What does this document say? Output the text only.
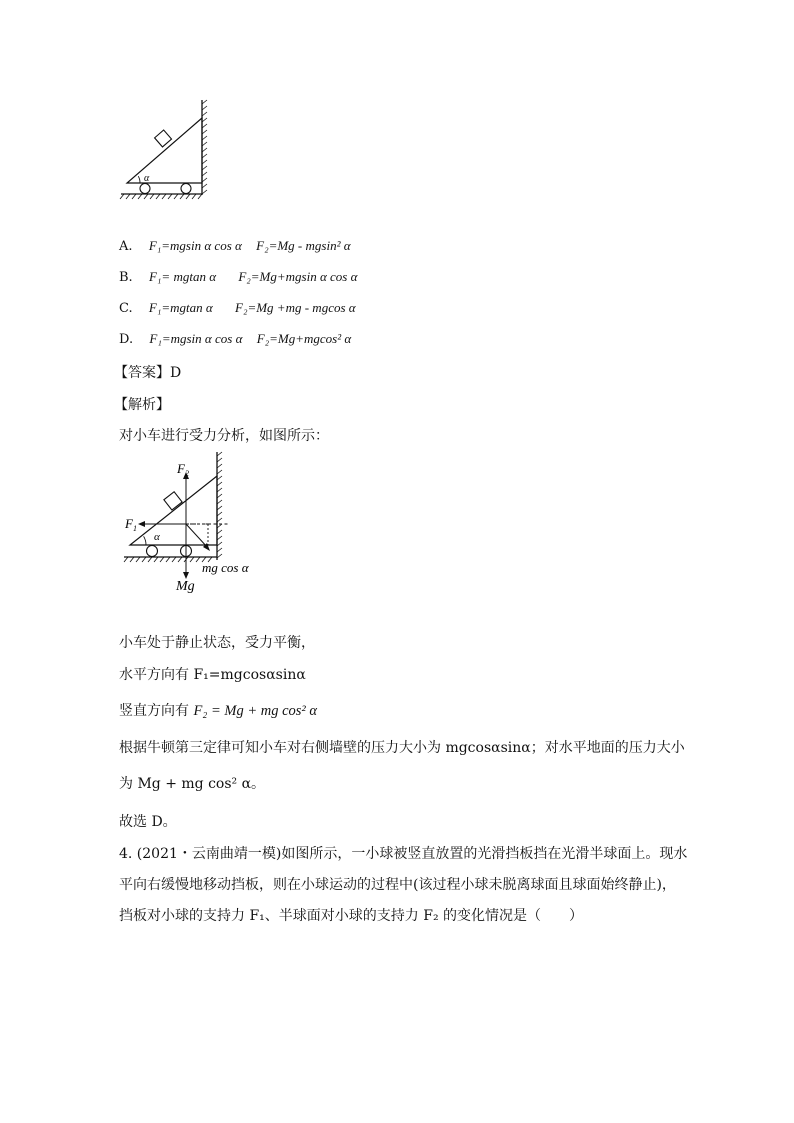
α
A. F₁=mgsin α cos α F₂=Mg - mgsin² α
B. F₁= mgtan α F₂=Mg+mgsin α cos α
C. F₁=mgtan α F₂=Mg +mg - mgcos α
D. F₁=mgsin α cos α F₂=Mg+mgcos² α
【答案】D
【解析】
对小车进行受力分析，如图所示：
$F_2$
$F_1$
α
mg cos α
Mg
小车处于静止状态，受力平衡，
水平方向有 F₁=mgcosαsinα
竖直方向有 F₂ = Mg + mg cos² α
根据牛顿第三定律可知小车对右侧墙壁的压力大小为 mgcosαsinα；对水平地面的压力大小
为 Mg + mg cos² α。
故选 D。
4. (2021・云南曲靖一模)如图所示，一小球被竖直放置的光滑挡板挡在光滑半球面上。现水
平向右缓慢地移动挡板，则在小球运动的过程中(该过程小球未脱离球面且球面始终静止)，
挡板对小球的支持力 F₁、半球面对小球的支持力 F₂ 的变化情况是（　　）
